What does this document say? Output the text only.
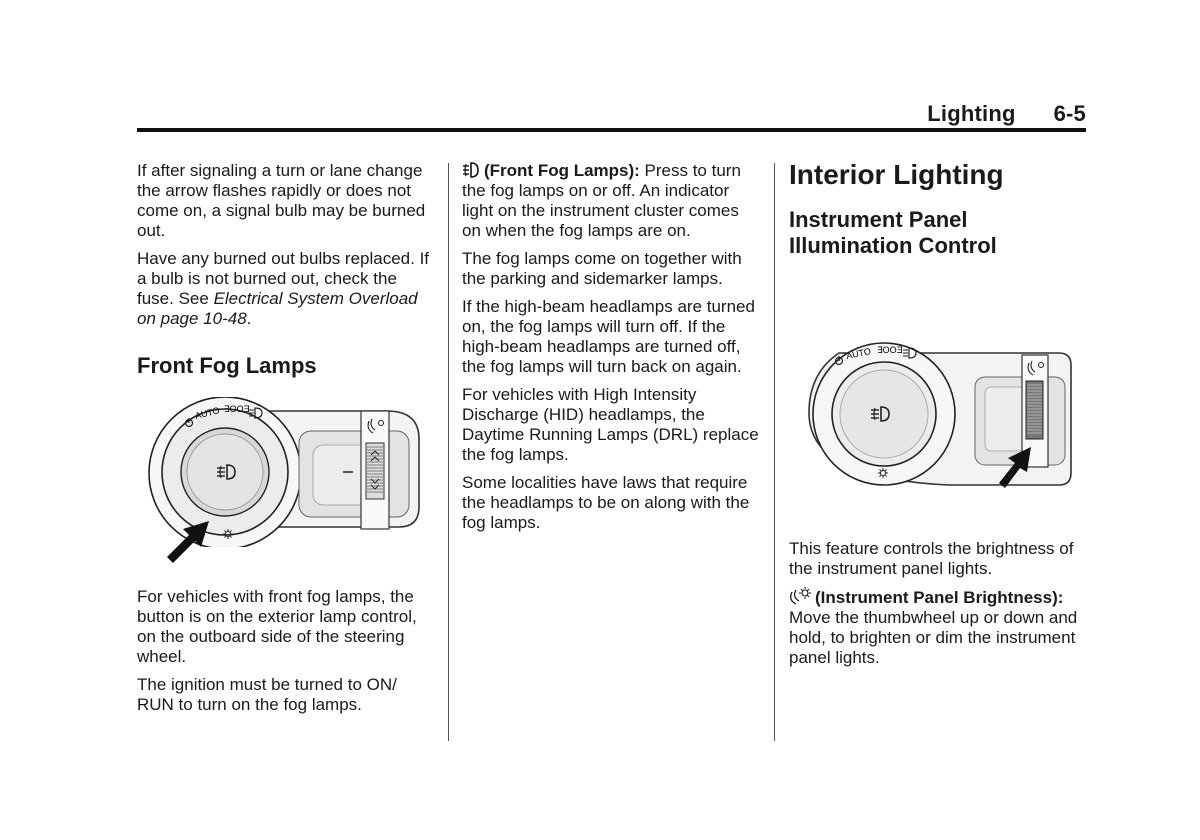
Lighting 6-5

If after signaling a turn or lane change the arrow flashes rapidly or does not come on, a signal bulb may be burned out.

Have any burned out bulbs replaced. If a bulb is not burned out, check the fuse. See Electrical System Overload on page 10-48.

Front Fog Lamps

AUTO ∃OOƎ

For vehicles with front fog lamps, the button is on the exterior lamp control, on the outboard side of the steering wheel.

The ignition must be turned to ON/ RUN to turn on the fog lamps.

(Front Fog Lamps): Press to turn the fog lamps on or off. An indicator light on the instrument cluster comes on when the fog lamps are on.

The fog lamps come on together with the parking and sidemarker lamps.

If the high-beam headlamps are turned on, the fog lamps will turn off. If the high-beam headlamps are turned off, the fog lamps will turn back on again.

For vehicles with High Intensity Discharge (HID) headlamps, the Daytime Running Lamps (DRL) replace the fog lamps.

Some localities have laws that require the headlamps to be on along with the fog lamps.

Interior Lighting

Instrument Panel Illumination Control

AUTO ∃OOƎ

This feature controls the brightness of the instrument panel lights.

(Instrument Panel Brightness): Move the thumbwheel up or down and hold, to brighten or dim the instrument panel lights.
